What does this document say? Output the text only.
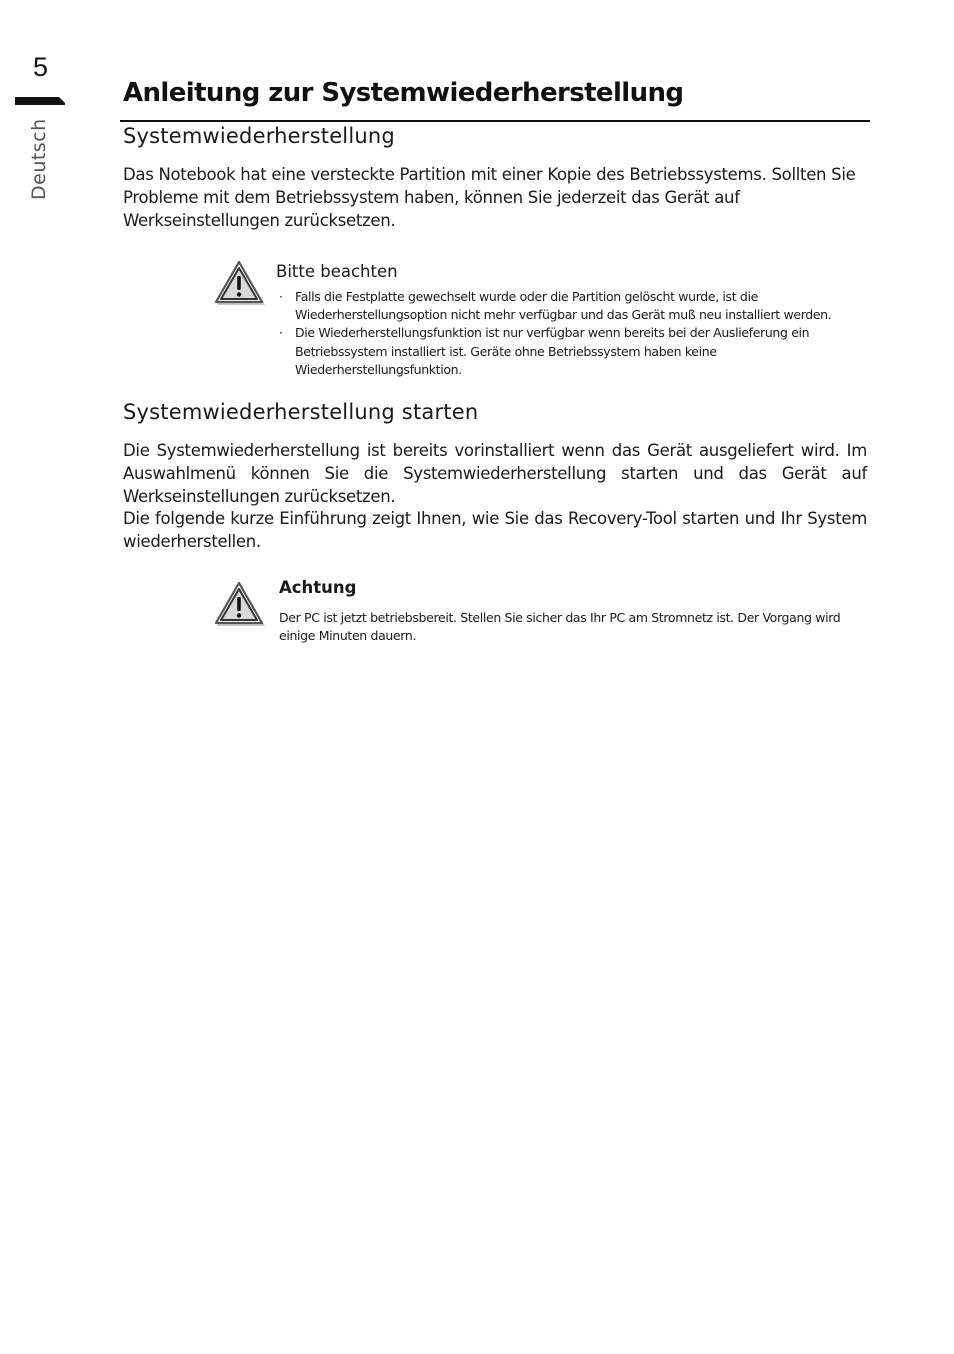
5
Deutsch
Anleitung zur Systemwiederherstellung
Systemwiederherstellung

Das Notebook hat eine versteckte Partition mit einer Kopie des Betriebssystems. Sollten Sie Probleme mit dem Betriebssystem haben, können Sie jederzeit das Gerät auf Werkseinstellungen zurücksetzen.

Bitte beachten
· Falls die Festplatte gewechselt wurde oder die Partition gelöscht wurde, ist die Wiederherstellungsoption nicht mehr verfügbar und das Gerät muß neu installiert werden.
· Die Wiederherstellungsfunktion ist nur verfügbar wenn bereits bei der Auslieferung ein Betriebssystem installiert ist. Geräte ohne Betriebssystem haben keine Wiederherstellungsfunktion.
Systemwiederherstellung starten

Die Systemwiederherstellung ist bereits vorinstalliert wenn das Gerät ausgeliefert wird. Im Auswahlmenü können Sie die Systemwiederherstellung starten und das Gerät auf Werkseinstellungen zurücksetzen.

Die folgende kurze Einführung zeigt Ihnen, wie Sie das Recovery-Tool starten und Ihr System wiederherstellen.

Achtung

Der PC ist jetzt betriebsbereit. Stellen Sie sicher das Ihr PC am Stromnetz ist. Der Vorgang wird einige Minuten dauern.
